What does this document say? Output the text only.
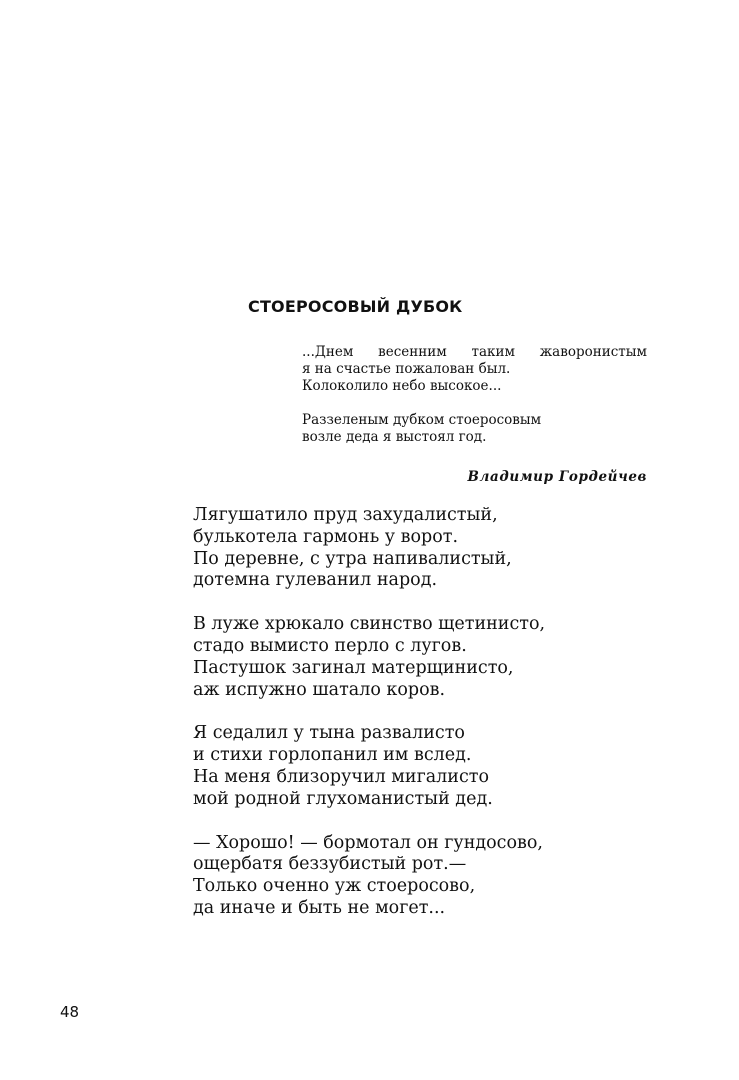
СТОЕРОСОВЫЙ ДУБОК

...Днем весенним таким жаворонистым
я на счастье пожалован был.
Колоколило небо высокое...

Раззеленым дубком стоеросовым
возле деда я выстоял год.

Владимир Гордейчев

Лягушатило пруд захудалистый,
булькотела гармонь у ворот.
По деревне, с утра напивалистый,
дотемна гулеванил народ.

В луже хрюкало свинство щетинисто,
стадо вымисто перло с лугов.
Пастушок загинал матерщинисто,
аж испужно шатало коров.

Я седалил у тына развалисто
и стихи горлопанил им вслед.
На меня близоручил мигалисто
мой родной глухоманистый дед.

— Хорошо! — бормотал он гундосово,
ощербатя беззубистый рот.—
Только оченно уж стоеросово,
да иначе и быть не могет...

48
